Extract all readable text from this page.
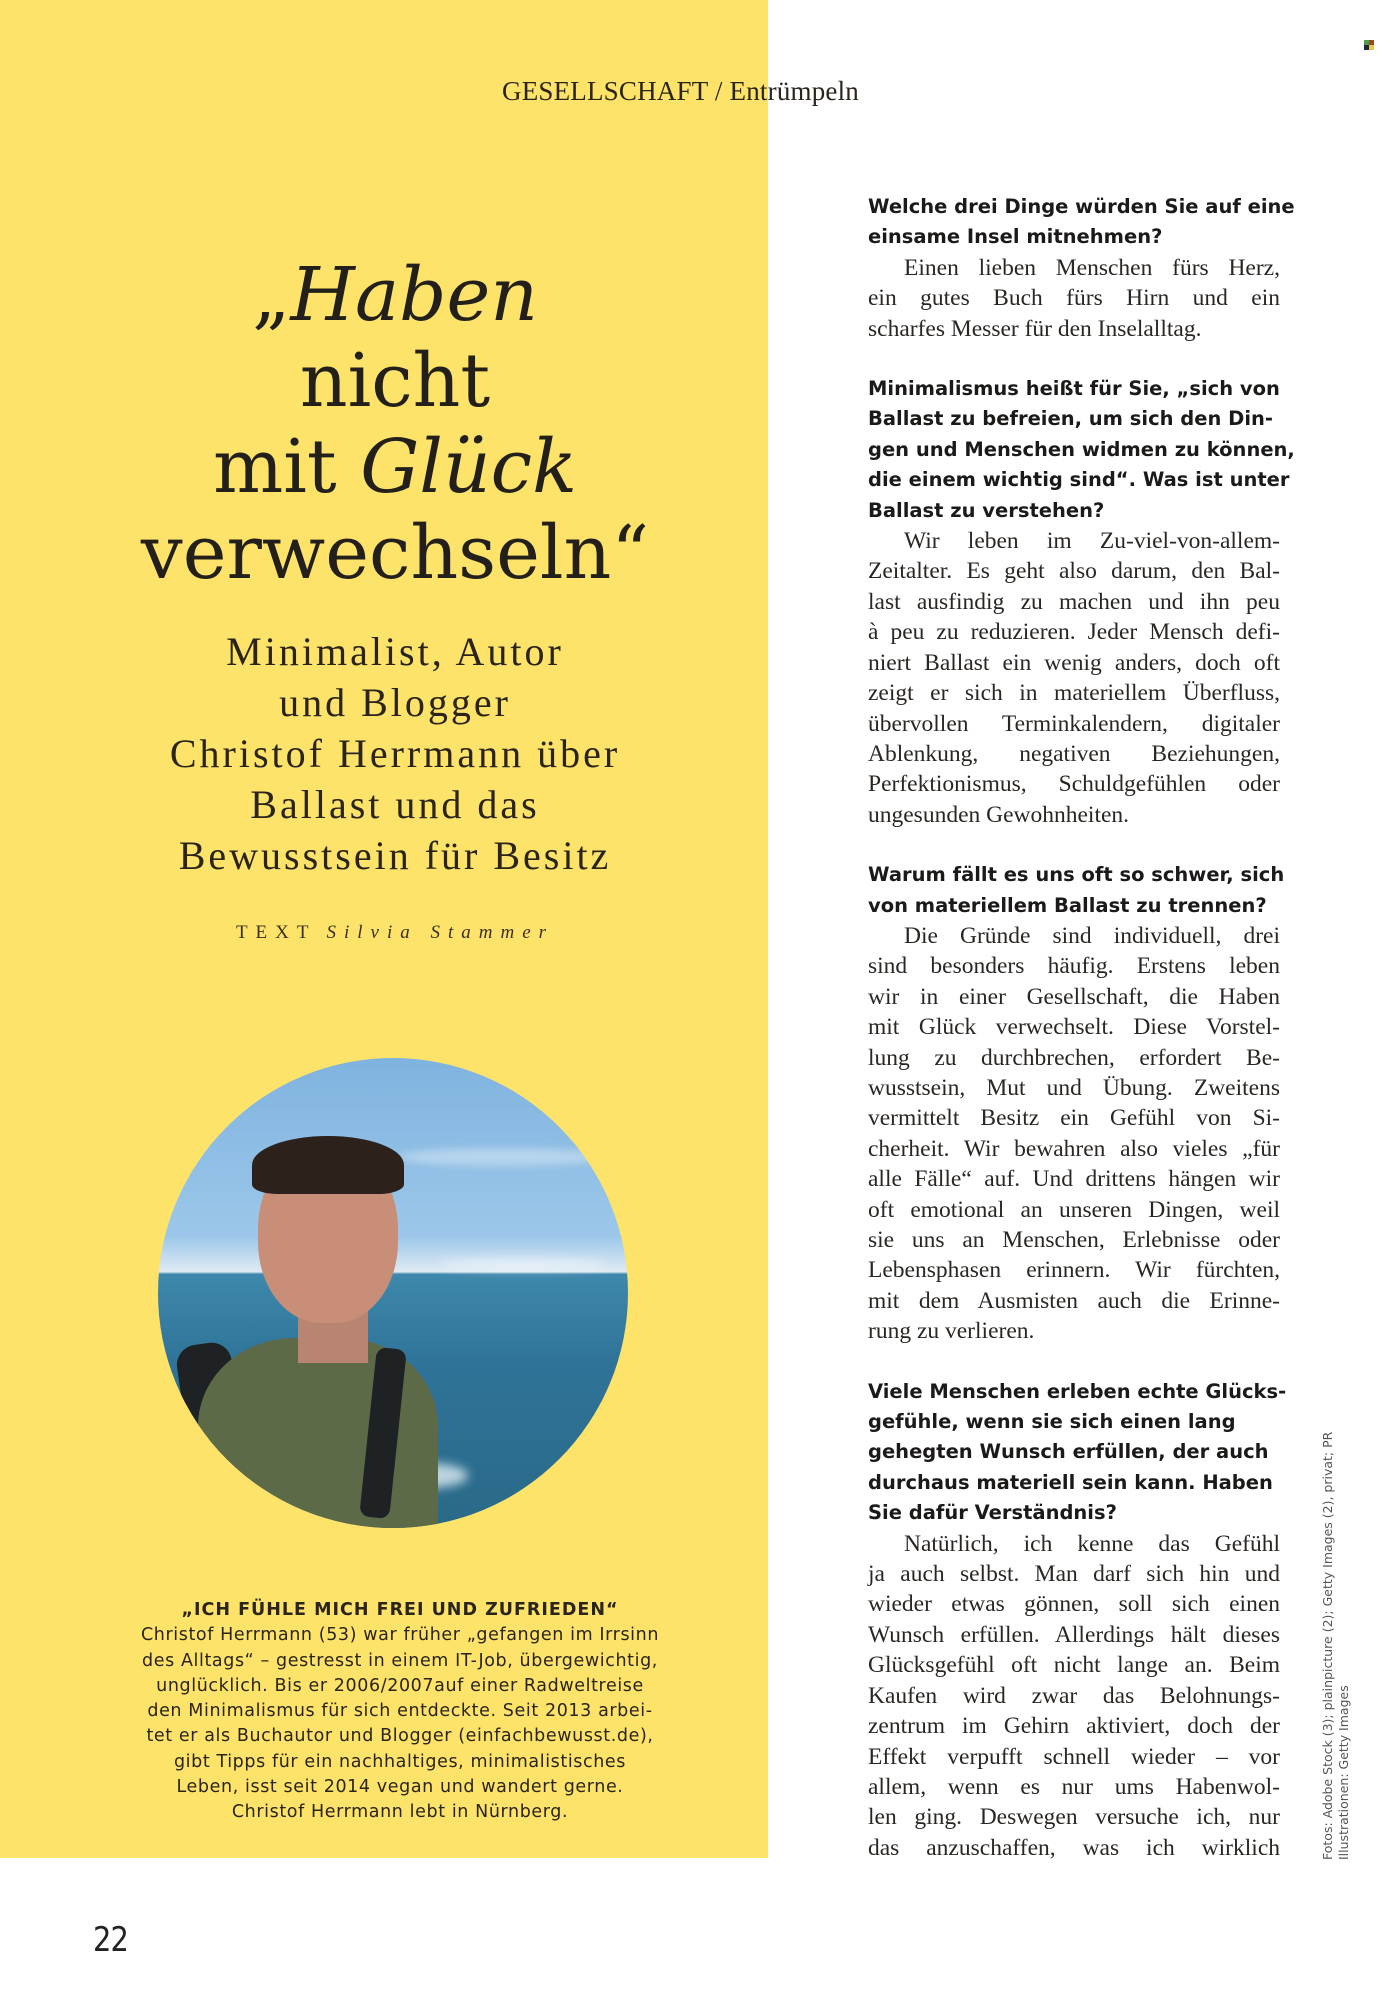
GESELLSCHAFT / Entrümpeln
„Haben
nicht
mit Glück
verwechseln“
Minimalist, Autor
und Blogger
Christof Herrmann über
Ballast und das
Bewusstsein für Besitz
TEXT Silvia Stammer
„ICH FÜHLE MICH FREI UND ZUFRIEDEN“
Christof Herrmann (53) war früher „gefangen im Irrsinn
des Alltags“ – gestresst in einem IT-Job, übergewichtig,
unglücklich. Bis er 2006/2007auf einer Radweltreise
den Minimalismus für sich entdeckte. Seit 2013 arbei-
tet er als Buchautor und Blogger (einfachbewusst.de),
gibt Tipps für ein nachhaltiges, minimalistisches
Leben, isst seit 2014 vegan und wandert gerne.
Christof Herrmann lebt in Nürnberg.

Welche drei Dinge würden Sie auf eine
einsame Insel mitnehmen?

Einen lieben Menschen fürs Herz,
ein gutes Buch fürs Hirn und ein
scharfes Messer für den Inselalltag.

Minimalismus heißt für Sie, „sich von
Ballast zu befreien, um sich den Din-
gen und Menschen widmen zu können,
die einem wichtig sind“. Was ist unter
Ballast zu verstehen?

Wir leben im Zu-viel-von-allem-
Zeitalter. Es geht also darum, den Bal-
last ausfindig zu machen und ihn peu
à peu zu reduzieren. Jeder Mensch defi-
niert Ballast ein wenig anders, doch oft
zeigt er sich in materiellem Überfluss,
übervollen Terminkalendern, digitaler
Ablenkung, negativen Beziehungen,
Perfektionismus, Schuldgefühlen oder
ungesunden Gewohnheiten.

Warum fällt es uns oft so schwer, sich
von materiellem Ballast zu trennen?

Die Gründe sind individuell, drei
sind besonders häufig. Erstens leben
wir in einer Gesellschaft, die Haben
mit Glück verwechselt. Diese Vorstel-
lung zu durchbrechen, erfordert Be-
wusstsein, Mut und Übung. Zweitens
vermittelt Besitz ein Gefühl von Si-
cherheit. Wir bewahren also vieles „für
alle Fälle“ auf. Und drittens hängen wir
oft emotional an unseren Dingen, weil
sie uns an Menschen, Erlebnisse oder
Lebensphasen erinnern. Wir fürchten,
mit dem Ausmisten auch die Erinne-
rung zu verlieren.

Viele Menschen erleben echte Glücks-
gefühle, wenn sie sich einen lang
gehegten Wunsch erfüllen, der auch
durchaus materiell sein kann. Haben
Sie dafür Verständnis?

Natürlich, ich kenne das Gefühl
ja auch selbst. Man darf sich hin und
wieder etwas gönnen, soll sich einen
Wunsch erfüllen. Allerdings hält dieses
Glücksgefühl oft nicht lange an. Beim
Kaufen wird zwar das Belohnungs-
zentrum im Gehirn aktiviert, doch der
Effekt verpufft schnell wieder – vor
allem, wenn es nur ums Habenwol-
len ging. Deswegen versuche ich, nur
das anzuschaffen, was ich wirklich	Fotos: Adobe Stock (3); plainpicture (2); Getty Images (2), privat; PR Illustrationen: Getty Images
22
